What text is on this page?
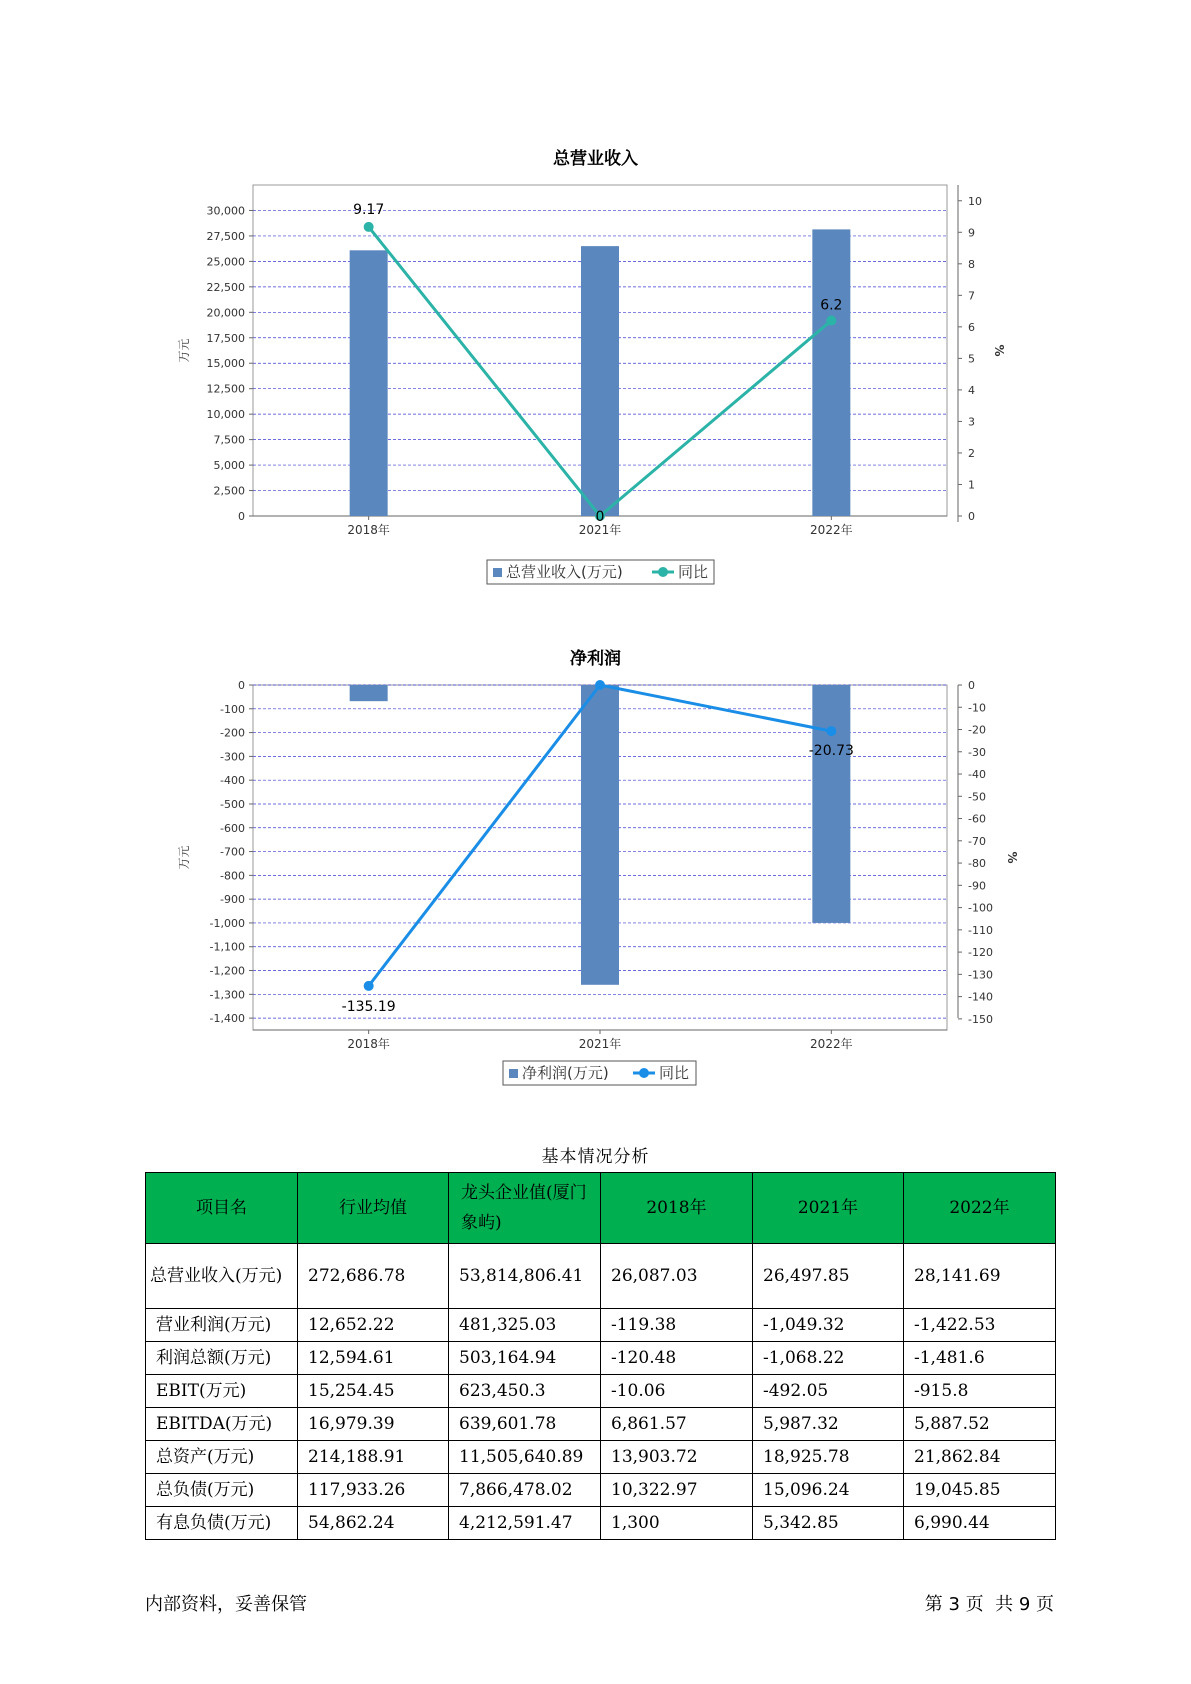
总营业收入
0
2,500
5,000
7,500
10,000
12,500
15,000
17,500
20,000
22,500
25,000
27,500
30,000
万元
0
1
2
3
4
5
6
7
8
9
10
%
2018年	2021年	2022年
9.17
0
6.2
总营业收入(万元)	同比
净利润
0
-100
-200
-300
-400
-500
-600
-700
-800
-900
-1,000
-1,100
-1,200
-1,300
-1,400
万元
0
-10
-20
-30
-40
-50
-60
-70
-80
-90
-100
-110
-120
-130
-140
-150
%
2018年	2021年	2022年
-135.19
-20.73
净利润(万元)	同比
基本情况分析
项目名	行业均值	龙头企业值(厦门象屿)	2018年	2021年	2022年
总营业收入(万元)	272,686.78	53,814,806.41	26,087.03	26,497.85	28,141.69
营业利润(万元)	12,652.22	481,325.03	-119.38	-1,049.32	-1,422.53
利润总额(万元)	12,594.61	503,164.94	-120.48	-1,068.22	-1,481.6
EBIT(万元)	15,254.45	623,450.3	-10.06	-492.05	-915.8
EBITDA(万元)	16,979.39	639,601.78	6,861.57	5,987.32	5,887.52
总资产(万元)	214,188.91	11,505,640.89	13,903.72	18,925.78	21,862.84
总负债(万元)	117,933.26	7,866,478.02	10,322.97	15,096.24	19,045.85
有息负债(万元)	54,862.24	4,212,591.47	1,300	5,342.85	6,990.44
内部资料，妥善保管	第 3 页  共 9 页
